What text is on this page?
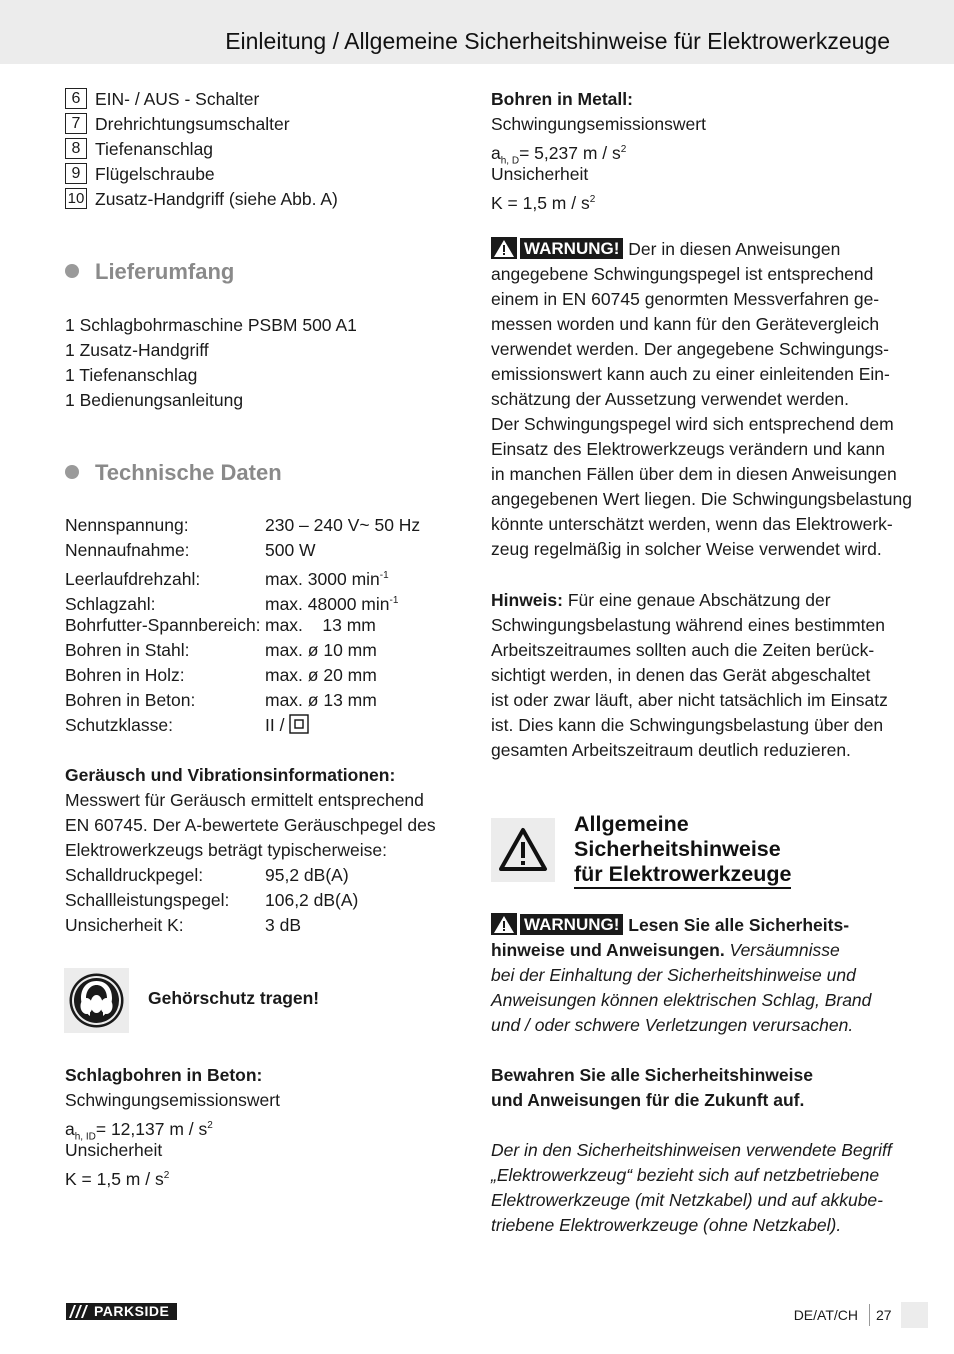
Einleitung / Allgemeine Sicherheitshinweise für Elektrowerkzeuge
6 EIN- / AUS - Schalter
7 Drehrichtungsumschalter
8 Tiefenanschlag
9 Flügelschraube
10 Zusatz-Handgriff (siehe Abb. A)
Lieferumfang
1 Schlagbohrmaschine PSBM 500 A1
1 Zusatz-Handgriff
1 Tiefenanschlag
1 Bedienungsanleitung
Technische Daten
Nennspannung:	230 – 240 V~ 50 Hz
Nennaufnahme:	500 W
Leerlaufdrehzahl:	max. 3000 $\min^{-1}$
Schlagzahl:	max. 48000 $\min^{-1}$
Bohrfutter-Spannbereich: max.    13 mm
Bohren in Stahl:	max. ø 10 mm
Bohren in Holz:	max. ø 20 mm
Bohren in Beton:	max. ø 13 mm
Schutzklasse:	II /
Geräusch und Vibrationsinformationen:
Messwert für Geräusch ermittelt entsprechend
EN 60745. Der A-bewertete Geräuschpegel des
Elektrowerkzeugs beträgt typischerweise:
Schalldruckpegel:	95,2 dB(A)
Schallleistungspegel: 106,2 dB(A)
Unsicherheit K:	3 dB
Gehörschutz tragen!
Schlagbohren in Beton:
Schwingungsemissionswert
$a_{h, ID}= 12,137$ m / $s^2$
Unsicherheit
K = 1,5 m / $s^2$
Bohren in Metall:
Schwingungsemissionswert
$a_{h, D}= 5,237$ m / $s^2$
Unsicherheit
K = 1,5 m / $s^2$
WARNUNG! Der in diesen Anweisungen
angegebene Schwingungspegel ist entsprechend
einem in EN 60745 genormten Messverfahren ge-
messen worden und kann für den Gerätevergleich
verwendet werden. Der angegebene Schwingungs-
emissionswert kann auch zu einer einleitenden Ein-
schätzung der Aussetzung verwendet werden.
Der Schwingungspegel wird sich entsprechend dem
Einsatz des Elektrowerkzeugs verändern und kann
in manchen Fällen über dem in diesen Anweisungen
angegebenen Wert liegen. Die Schwingungsbelastung
könnte unterschätzt werden, wenn das Elektrowerk-
zeug regelmäßig in solcher Weise verwendet wird.
Hinweis: Für eine genaue Abschätzung der
Schwingungsbelastung während eines bestimmten
Arbeitszeitraumes sollten auch die Zeiten berück-
sichtigt werden, in denen das Gerät abgeschaltet
ist oder zwar läuft, aber nicht tatsächlich im Einsatz
ist. Dies kann die Schwingungsbelastung über den
gesamten Arbeitszeitraum deutlich reduzieren.
Allgemeine
Sicherheitshinweise
für Elektrowerkzeuge
WARNUNG! Lesen Sie alle Sicherheits-
hinweise und Anweisungen. Versäumnisse
bei der Einhaltung der Sicherheitshinweise und
Anweisungen können elektrischen Schlag, Brand
und / oder schwere Verletzungen verursachen.
Bewahren Sie alle Sicherheitshinweise
und Anweisungen für die Zukunft auf.
Der in den Sicherheitshinweisen verwendete Begriff
„Elektrowerkzeug“ bezieht sich auf netzbetriebene
Elektrowerkzeuge (mit Netzkabel) und auf akkube-
triebene Elektrowerkzeuge (ohne Netzkabel).
PARKSIDE	DE/AT/CH 27
